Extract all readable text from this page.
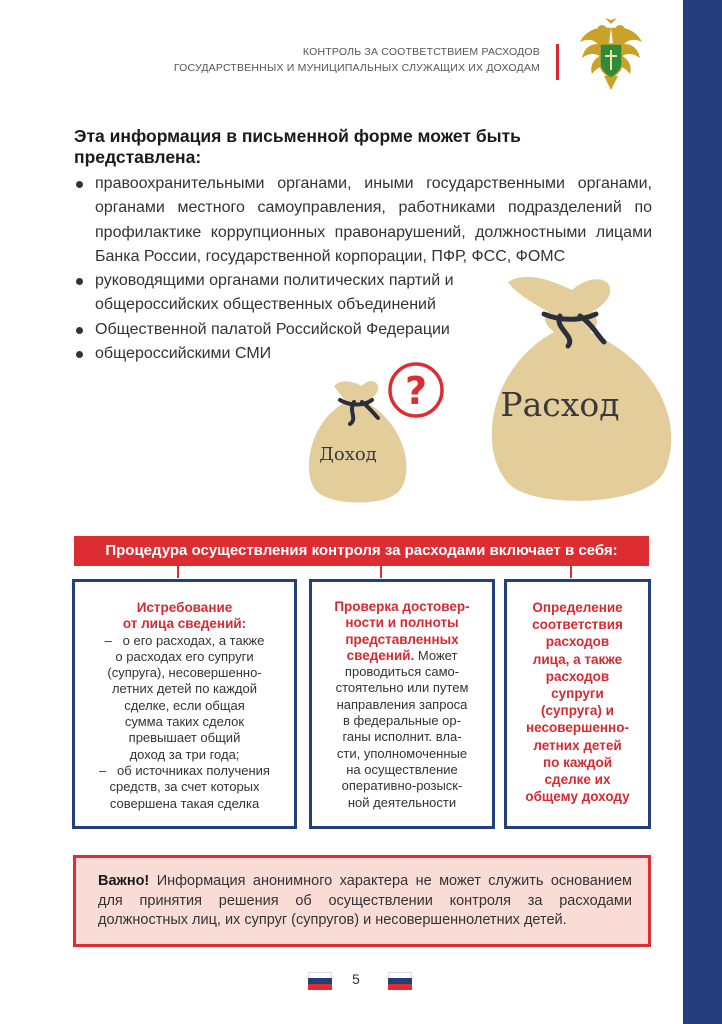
КОНТРОЛЬ ЗА СООТВЕТСТВИЕМ РАСХОДОВ
ГОСУДАРСТВЕННЫХ И МУНИЦИПАЛЬНЫХ СЛУЖАЩИХ ИХ ДОХОДАМ

Эта информация в письменной форме может быть представлена:

правоохранительными органами, иными государственными органами, органами местного самоуправления, работниками подразделений по профилактике коррупционных правонарушений, должностными лицами Банка России, государственной корпорации, ПФР, ФСС, ФОМС
руководящими органами политических партий и общероссийских общественных объединений
Общественной палатой Российской Федерации
общероссийскими СМИ
Расход
?
Доход
Процедура осуществления контроля за расходами включает в себя:
Истребование
от лица сведений:
– о его расходах, а также
о расходах его супруги
(супруга), несовершенно-
летних детей по каждой
сделке, если общая
сумма таких сделок
превышает общий
доход за три года;
– об источниках получения
средств, за счет которых
совершена такая сделка
Проверка достовер-
ности и полноты
представленных
сведений. Может
проводиться само-
стоятельно или путем
направления запроса
в федеральные ор-
ганы исполнит. вла-
сти, уполномоченные
на осуществление
оперативно-розыск-
ной деятельности
Определение
соответствия
расходов
лица, а также
расходов
супруги
(супруга) и
несовершенно-
летних детей
по каждой
сделке их
общему доходу
Важно! Информация анонимного характера не может служить основанием для принятия решения об осуществлении контроля за расходами должностных лиц, их супруг (супругов) и несовершеннолетних детей.
5
